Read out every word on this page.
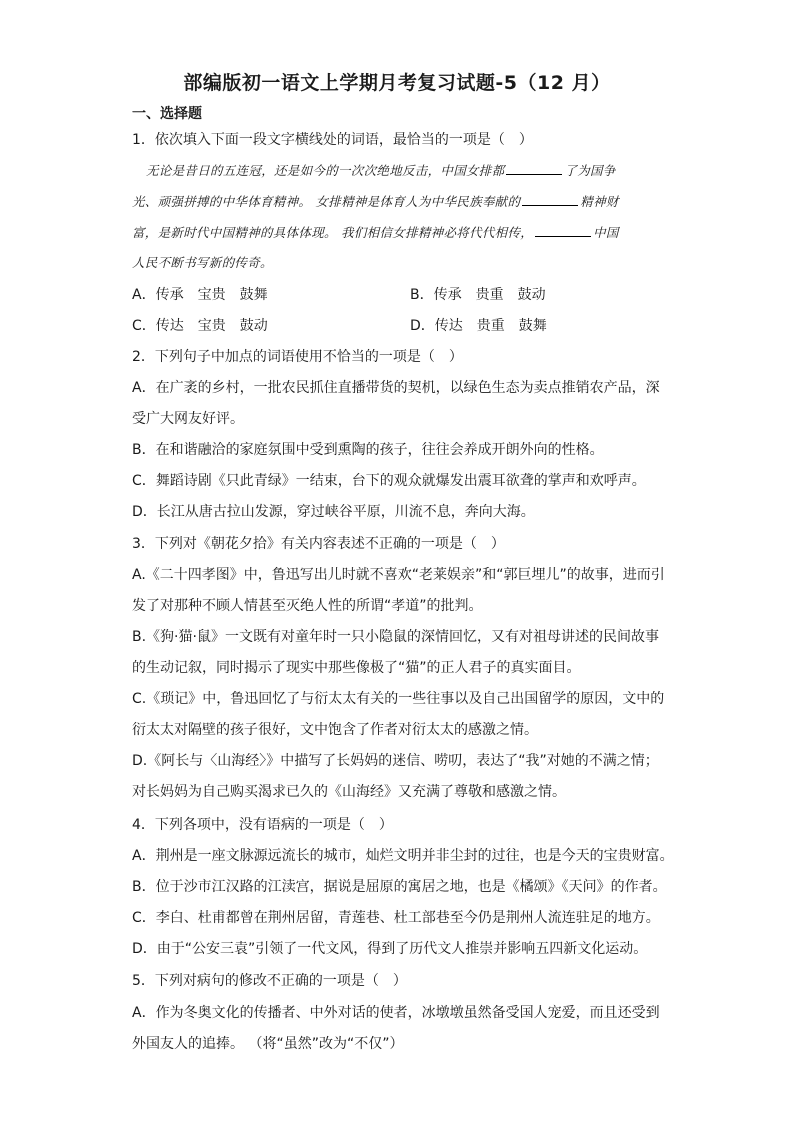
部编版初一语文上学期月考复习试题-5（12 月）
一、选择题
1．依次填入下面一段文字横线处的词语，最恰当的一项是（　）
无论是昔日的五连冠，还是如今的一次次绝地反击，中国女排都	了为国争
光、顽强拼搏的中华体育精神。 女排精神是体育人为中华民族奉献的	精神财
富，是新时代中国精神的具体体现。 我们相信女排精神必将代代相传，	中国
人民不断书写新的传奇。
A．传承　宝贵　鼓舞	B．传承　贵重　鼓动
C．传达　宝贵　鼓动	D．传达　贵重　鼓舞
2．下列句子中加点的词语使用不恰当的一项是（　）
A．在广袤的乡村，一批农民抓住直播带货的契机，以绿色生态为卖点推销农产品，深
受广大网友好评。
B．在和谐融洽的家庭氛围中受到熏陶的孩子，往往会养成开朗外向的性格。
C．舞蹈诗剧《只此青绿》一结束，台下的观众就爆发出震耳欲聋的掌声和欢呼声。
D．长江从唐古拉山发源，穿过峡谷平原，川流不息，奔向大海。
3．下列对《朝花夕拾》有关内容表述不正确的一项是（　）
A.《二十四孝图》中，鲁迅写出儿时就不喜欢“老莱娱亲”和“郭巨埋儿”的故事，进而引
发了对那种不顾人情甚至灭绝人性的所谓“孝道”的批判。
B.《狗·猫·鼠》一文既有对童年时一只小隐鼠的深情回忆，又有对祖母讲述的民间故事
的生动记叙，同时揭示了现实中那些像极了“猫”的正人君子的真实面目。
C.《琐记》中，鲁迅回忆了与衍太太有关的一些往事以及自己出国留学的原因，文中的
衍太太对隔壁的孩子很好，文中饱含了作者对衍太太的感激之情。
D.《阿长与〈山海经〉》中描写了长妈妈的迷信、唠叨，表达了“我”对她的不满之情；
对长妈妈为自己购买渴求已久的《山海经》又充满了尊敬和感激之情。
4．下列各项中，没有语病的一项是（　）
A．荆州是一座文脉源远流长的城市，灿烂文明并非尘封的过往，也是今天的宝贵财富。
B．位于沙市江汉路的江渎宫，据说是屈原的寓居之地，也是《橘颂》《天问》的作者。
C．李白、杜甫都曾在荆州居留，青莲巷、杜工部巷至今仍是荆州人流连驻足的地方。
D．由于“公安三袁”引领了一代文风，得到了历代文人推崇并影响五四新文化运动。
5．下列对病句的修改不正确的一项是（　）
A．作为冬奥文化的传播者、中外对话的使者，冰墩墩虽然备受国人宠爱，而且还受到
外国友人的追捧。 （将“虽然”改为“不仅”）
